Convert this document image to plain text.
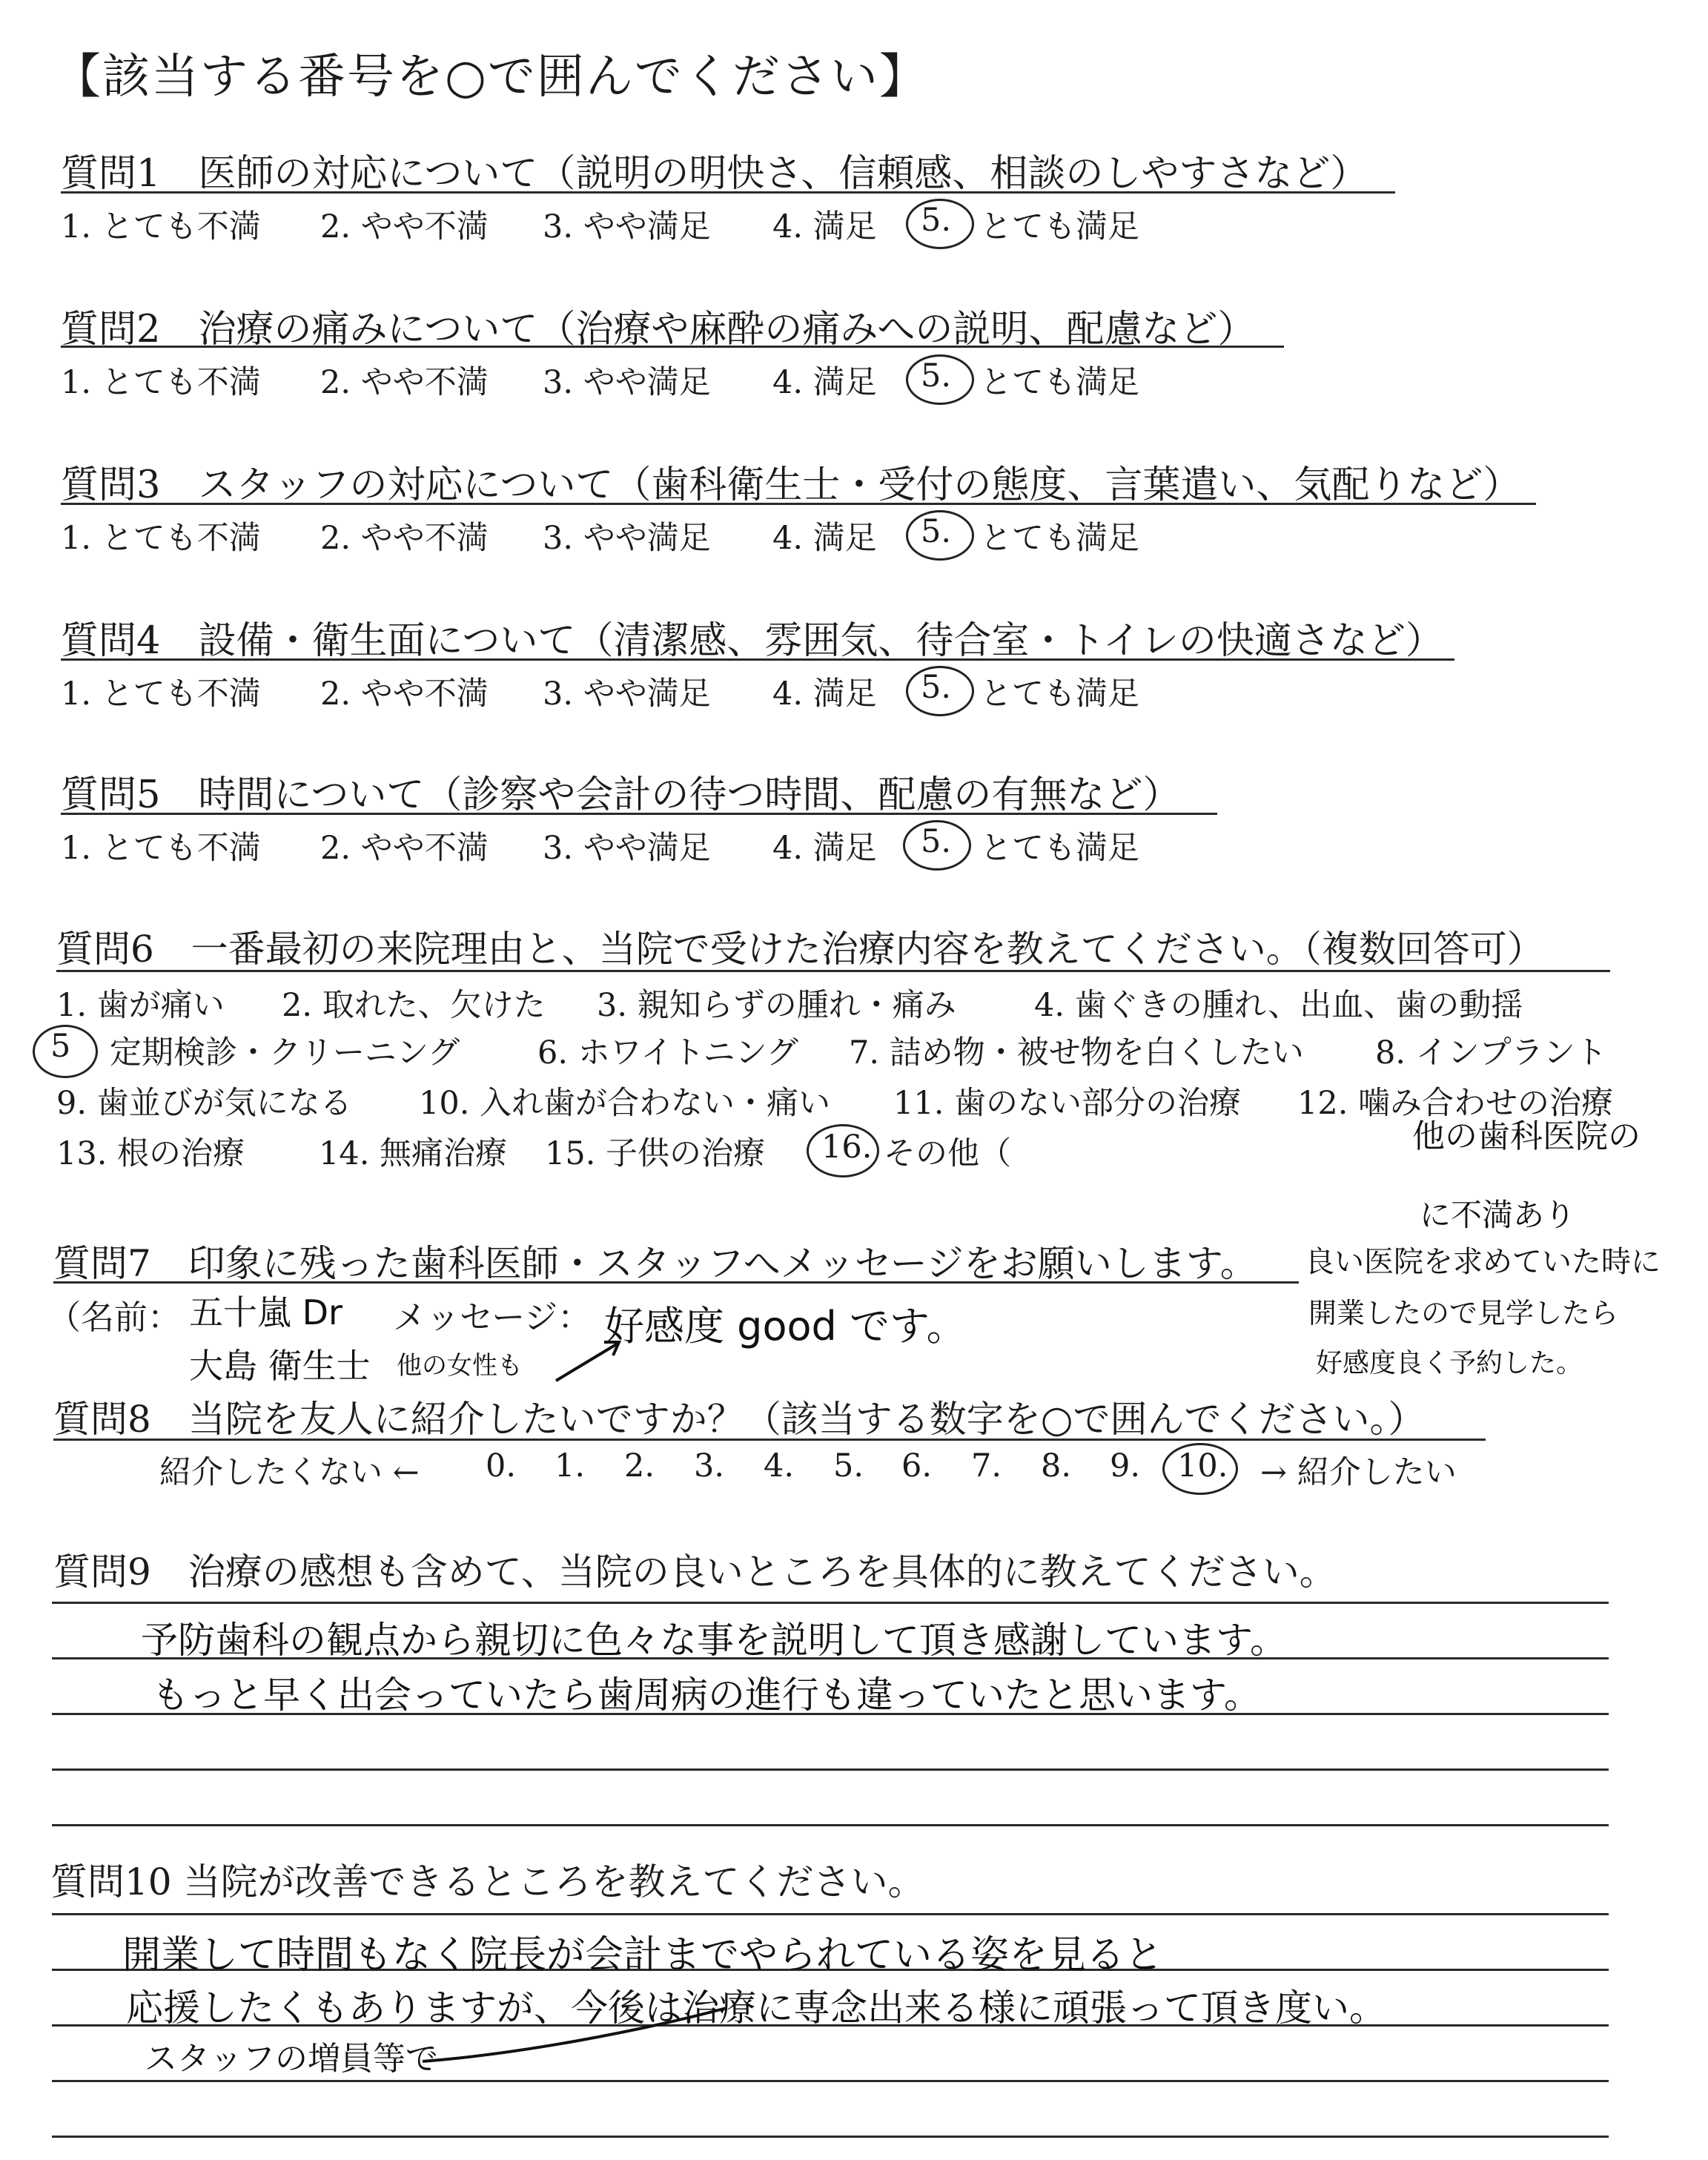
【該当する番号を○で囲んでください】
質問1　医師の対応について（説明の明快さ、信頼感、相談のしやすさなど）
1. とても不満 2. やや不満 3. やや満足 4. 満足 5. とても満足
質問2　治療の痛みについて（治療や麻酔の痛みへの説明、配慮など）
1. とても不満 2. やや不満 3. やや満足 4. 満足 5. とても満足
質問3　スタッフの対応について（歯科衛生士・受付の態度、言葉遣い、気配りなど）
1. とても不満 2. やや不満 3. やや満足 4. 満足 5. とても満足
質問4　設備・衛生面について（清潔感、雰囲気、待合室・トイレの快適さなど）
1. とても不満 2. やや不満 3. やや満足 4. 満足 5. とても満足
質問5　時間について（診察や会計の待つ時間、配慮の有無など）
1. とても不満 2. やや不満 3. やや満足 4. 満足 5. とても満足
質問6　一番最初の来院理由と、当院で受けた治療内容を教えてください。（複数回答可）
1. 歯が痛い 2. 取れた、欠けた 3. 親知らずの腫れ・痛み 4. 歯ぐきの腫れ、出血、歯の動揺
5 定期検診・クリーニング 6. ホワイトニング 7. 詰め物・被せ物を白くしたい 8. インプラント
9. 歯並びが気になる 10. 入れ歯が合わない・痛い 11. 歯のない部分の治療 12. 噛み合わせの治療
13. 根の治療 14. 無痛治療 15. 子供の治療 16. その他（	他の歯科医院の
に不満あり
良い医院を求めていた時に
開業したので見学したら
好感度良く予約した。
質問7　印象に残った歯科医師・スタッフへメッセージをお願いします。
（名前：	メッセージ：
五十嵐 Dr
大島 衛生士 他の女性も
好感度 good です。
質問8　当院を友人に紹介したいですか？（該当する数字を○で囲んでください。）
紹介したくない ← 0. 1. 2. 3. 4. 5. 6. 7. 8. 9. 10. → 紹介したい
質問9　治療の感想も含めて、当院の良いところを具体的に教えてください。
予防歯科の観点から親切に色々な事を説明して頂き感謝しています。
もっと早く出会っていたら歯周病の進行も違っていたと思います。
質問10 当院が改善できるところを教えてください。
開業して時間もなく院長が会計までやられている姿を見ると
応援したくもありますが、今後は治療に専念出来る様に頑張って頂き度い。
スタッフの増員等で
